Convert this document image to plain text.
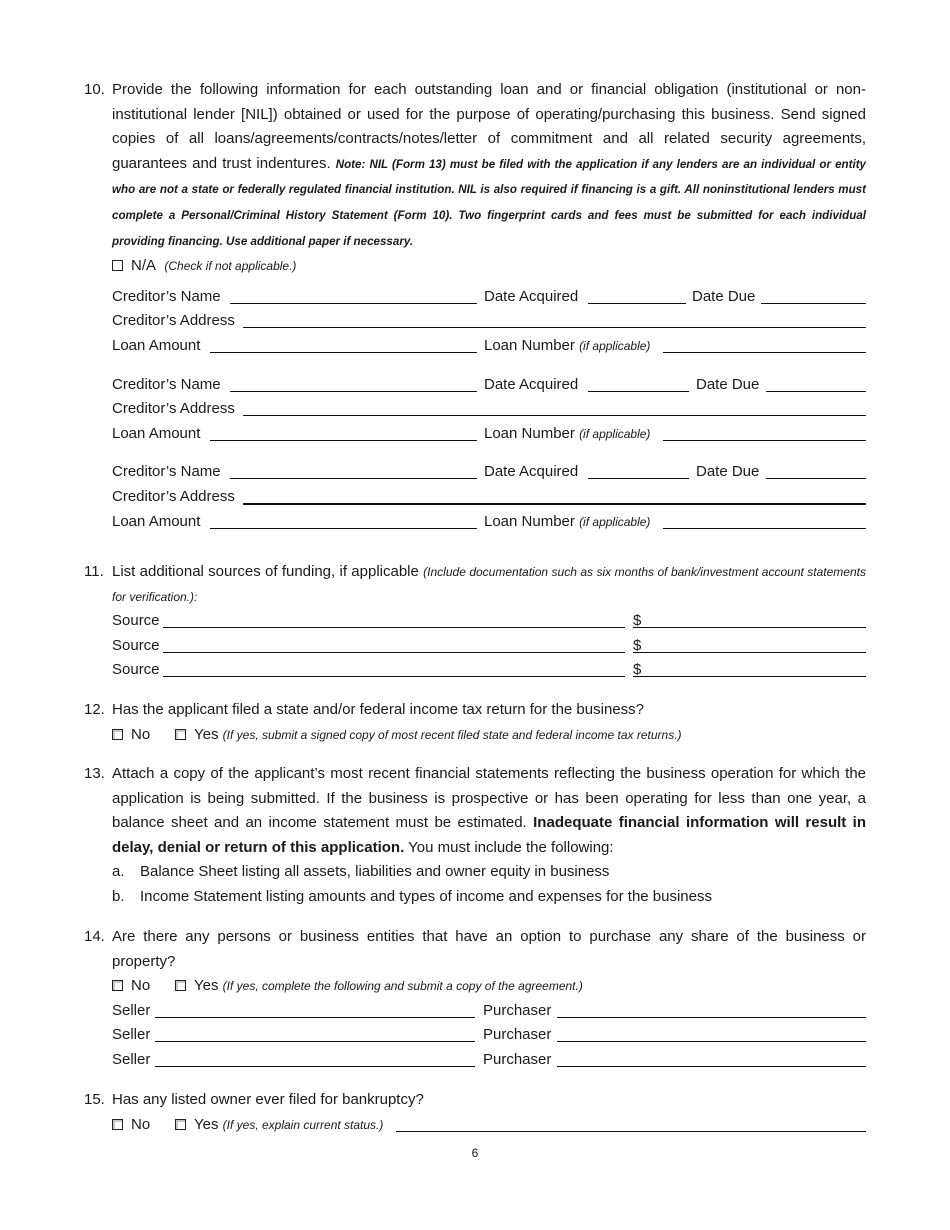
10. Provide the following information for each outstanding loan and or financial obligation (institutional or non-institutional lender [NIL]) obtained or used for the purpose of operating/purchasing this business. Send signed copies of all loans/agreements/contracts/notes/letter of commitment and all related security agreements, guarantees and trust indentures. Note: NIL (Form 13) must be filed with the application if any lenders are an individual or entity who are not a state or federally regulated financial institution. NIL is also required if financing is a gift. All noninstitutional lenders must complete a Personal/Criminal History Statement (Form 10). Two fingerprint cards and fees must be submitted for each individual providing financing. Use additional paper if necessary.
N/A (Check if not applicable.)
Creditor’s Name	Date Acquired	Date Due
Creditor’s Address
Loan Amount	Loan Number (if applicable)
Creditor’s Name	Date Acquired	Date Due
Creditor’s Address
Loan Amount	Loan Number (if applicable)
Creditor’s Name	Date Acquired	Date Due
Creditor’s Address
Loan Amount	Loan Number (if applicable)
11. List additional sources of funding, if applicable (Include documentation such as six months of bank/investment account statements for verification.):
Source	$
Source	$
Source	$
12. Has the applicant filed a state and/or federal income tax return for the business?
No	Yes (If yes, submit a signed copy of most recent filed state and federal income tax returns.)
13. Attach a copy of the applicant’s most recent financial statements reflecting the business operation for which the application is being submitted. If the business is prospective or has been operating for less than one year, a balance sheet and an income statement must be estimated. Inadequate financial information will result in delay, denial or return of this application. You must include the following:
a. Balance Sheet listing all assets, liabilities and owner equity in business
b. Income Statement listing amounts and types of income and expenses for the business
14. Are there any persons or business entities that have an option to purchase any share of the business or property?
No	Yes (If yes, complete the following and submit a copy of the agreement.)
Seller	Purchaser
Seller	Purchaser
Seller	Purchaser
15. Has any listed owner ever filed for bankruptcy?
No	Yes (If yes, explain current status.)
6
